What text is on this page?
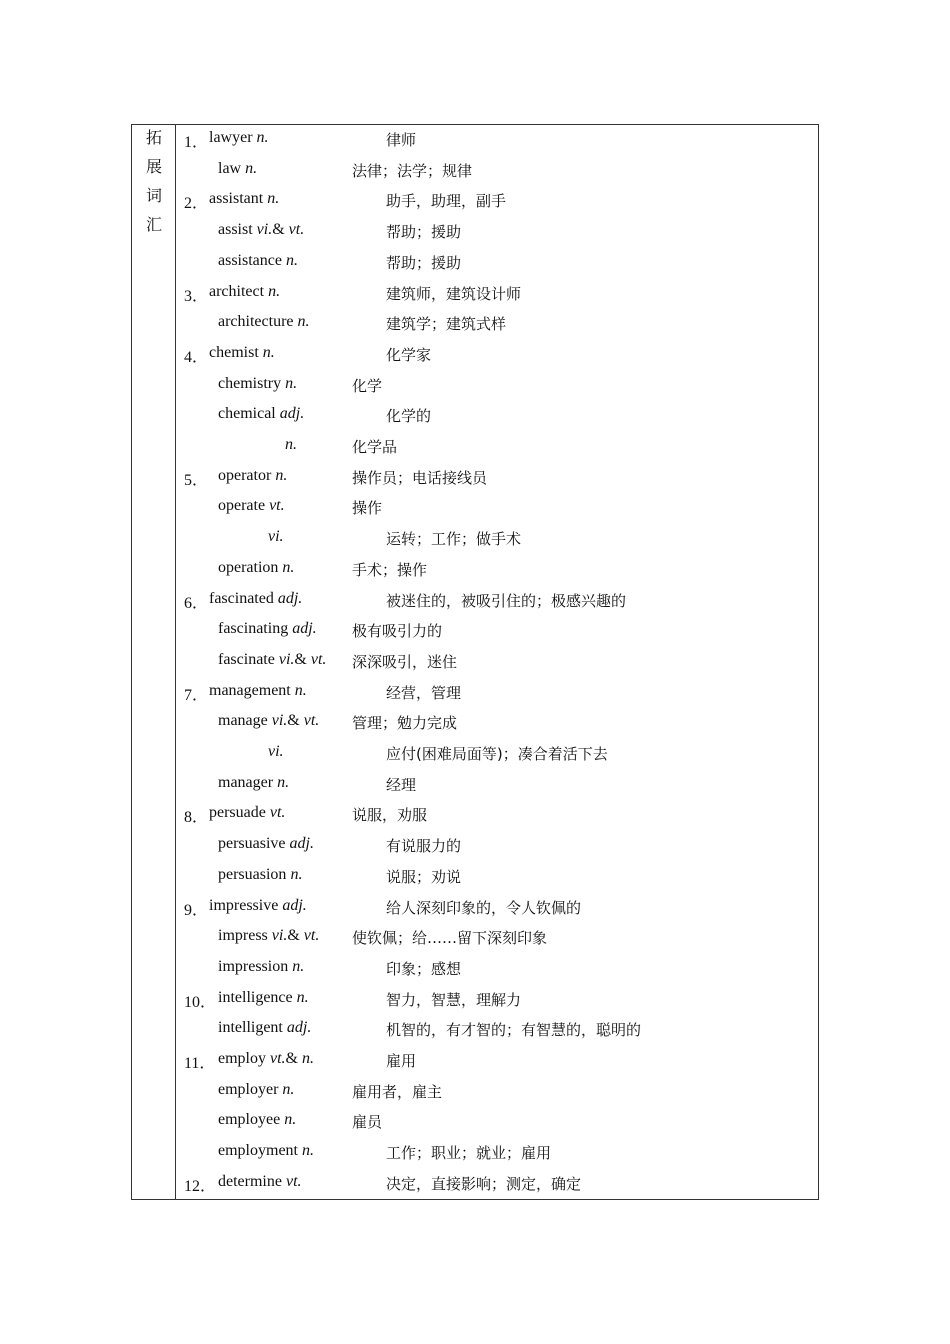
拓
展
词
汇
1． lawyer n.	律师
law n.	法律；法学；规律
2． assistant n.	助手，助理，副手
assist vi.& vt.	帮助；援助
assistance n.	帮助；援助
3． architect n.	建筑师，建筑设计师
architecture n.	建筑学；建筑式样
4． chemist n.	化学家
chemistry n.	化学
chemical adj.	化学的
n.	化学品
5． operator n.	操作员；电话接线员
operate vt.	操作
vi.	运转；工作；做手术
operation n.	手术；操作
6． fascinated adj.	被迷住的，被吸引住的；极感兴趣的
fascinating adj. 极有吸引力的
fascinate vi.& vt. 深深吸引，迷住
7． management n.	经营，管理
manage vi.& vt. 管理；勉力完成
vi.	应付(困难局面等)；凑合着活下去
manager n.	经理
8． persuade vt.	说服，劝服
persuasive adj.	有说服力的
persuasion n.	说服；劝说
9． impressive adj.	给人深刻印象的，令人钦佩的
impress vi.& vt. 使钦佩；给……留下深刻印象
impression n.	印象；感想
10． intelligence n.	智力，智慧，理解力
intelligent adj.	机智的，有才智的；有智慧的，聪明的
11． employ vt.& n.	雇用
employer n.	雇用者，雇主
employee n.	雇员
employment n.	工作；职业；就业；雇用
12． determine vt.	决定，直接影响；测定，确定
